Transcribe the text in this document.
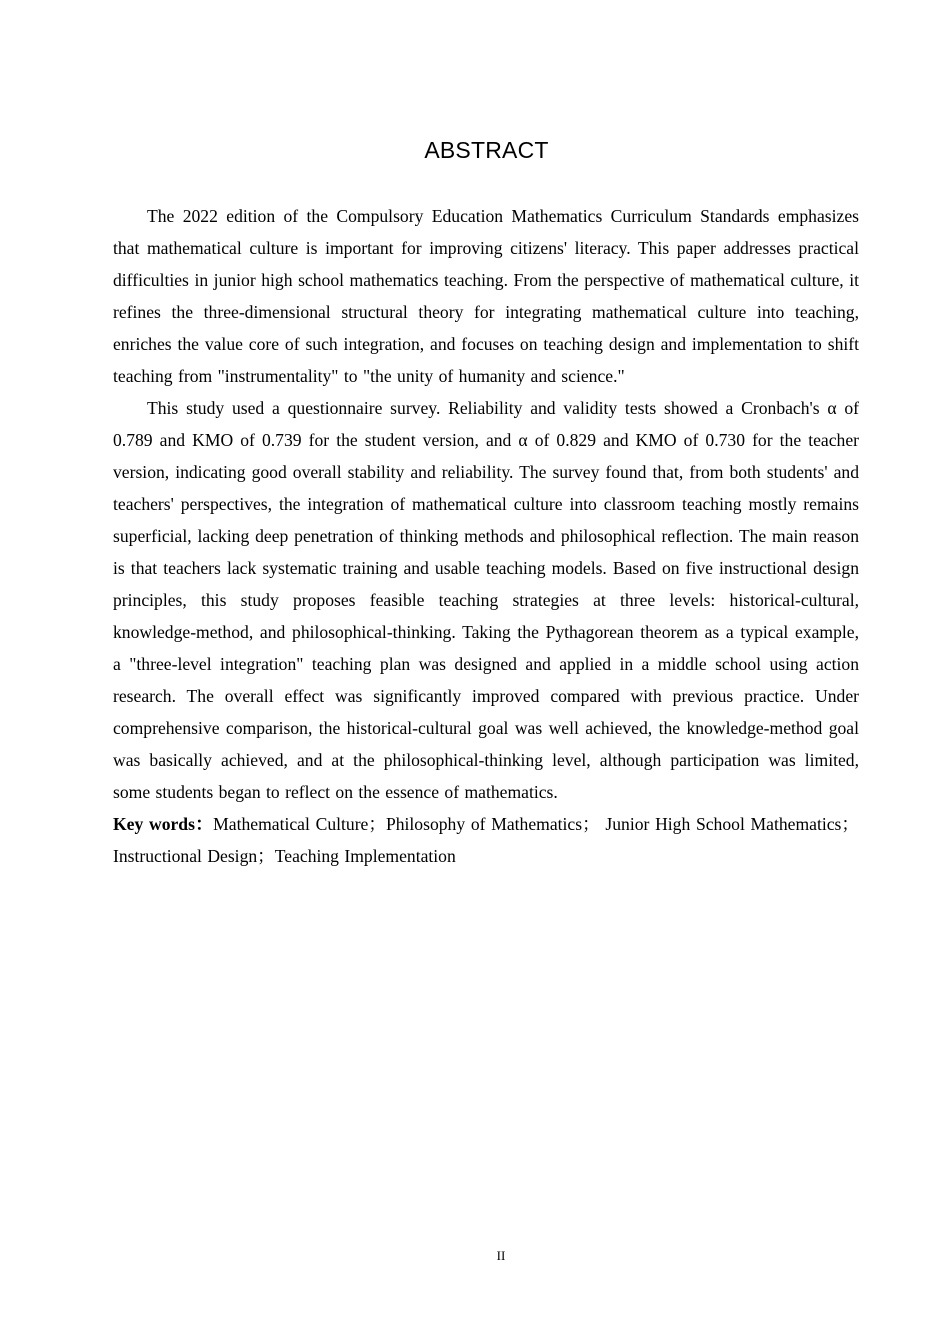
ABSTRACT

The 2022 edition of the Compulsory Education Mathematics Curriculum Standards emphasizes that mathematical culture is important for improving citizens' literacy. This paper addresses practical difficulties in junior high school mathematics teaching. From the perspective of mathematical culture, it refines the three-dimensional structural theory for integrating mathematical culture into teaching, enriches the value core of such integration, and focuses on teaching design and implementation to shift teaching from "instrumentality" to "the unity of humanity and science."

This study used a questionnaire survey. Reliability and validity tests showed a Cronbach's α of 0.789 and KMO of 0.739 for the student version, and α of 0.829 and KMO of 0.730 for the teacher version, indicating good overall stability and reliability. The survey found that, from both students' and teachers' perspectives, the integration of mathematical culture into classroom teaching mostly remains superficial, lacking deep penetration of thinking methods and philosophical reflection. The main reason is that teachers lack systematic training and usable teaching models. Based on five instructional design principles, this study proposes feasible teaching strategies at three levels: historical-cultural, knowledge-method, and philosophical-thinking. Taking the Pythagorean theorem as a typical example, a "three-level integration" teaching plan was designed and applied in a middle school using action research. The overall effect was significantly improved compared with previous practice. Under comprehensive comparison, the historical-cultural goal was well achieved, the knowledge-method goal was basically achieved, and at the philosophical-thinking level, although participation was limited, some students began to reflect on the essence of mathematics.

Key words：Mathematical Culture；Philosophy of Mathematics； Junior High School Mathematics； Instructional Design；Teaching Implementation

II
